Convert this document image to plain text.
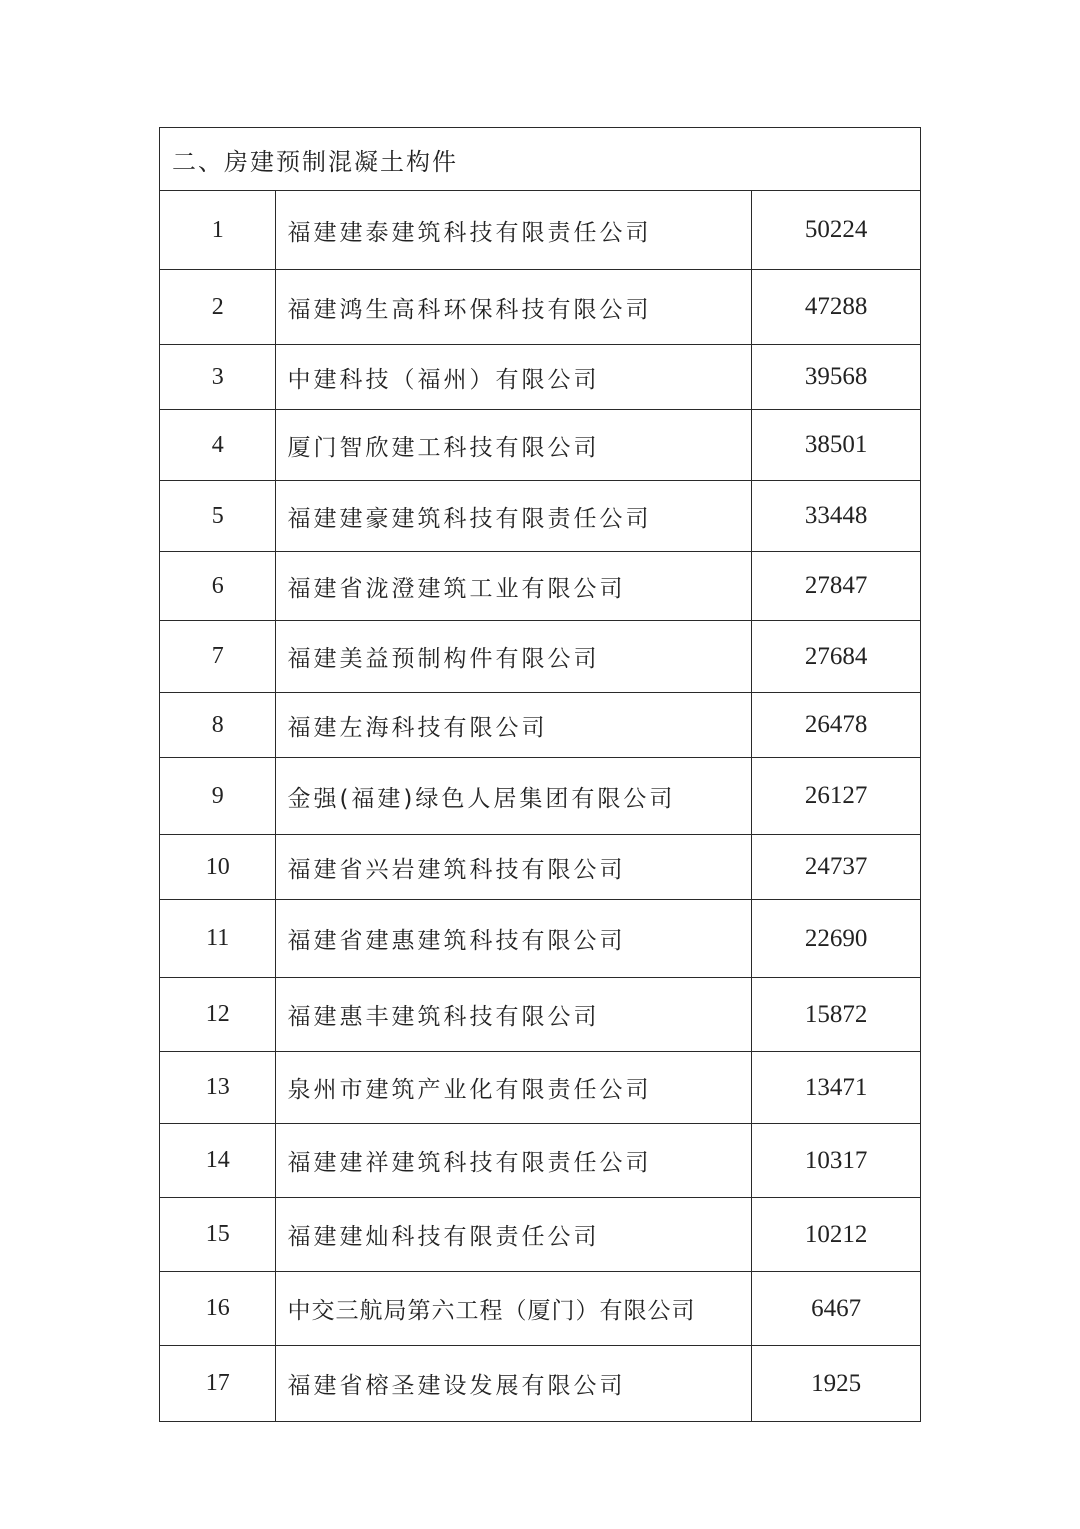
二、房建预制混凝土构件		
1	福建建泰建筑科技有限责任公司	50224
2	福建鸿生高科环保科技有限公司	47288
3	中建科技（福州）有限公司	39568
4	厦门智欣建工科技有限公司	38501
5	福建建豪建筑科技有限责任公司	33448
6	福建省泷澄建筑工业有限公司	27847
7	福建美益预制构件有限公司	27684
8	福建左海科技有限公司	26478
9	金强(福建)绿色人居集团有限公司	26127
10	福建省兴岩建筑科技有限公司	24737
11	福建省建惠建筑科技有限公司	22690
12	福建惠丰建筑科技有限公司	15872
13	泉州市建筑产业化有限责任公司	13471
14	福建建祥建筑科技有限责任公司	10317
15	福建建灿科技有限责任公司	10212
16	中交三航局第六工程（厦门）有限公司	6467
17	福建省榕圣建设发展有限公司	1925
